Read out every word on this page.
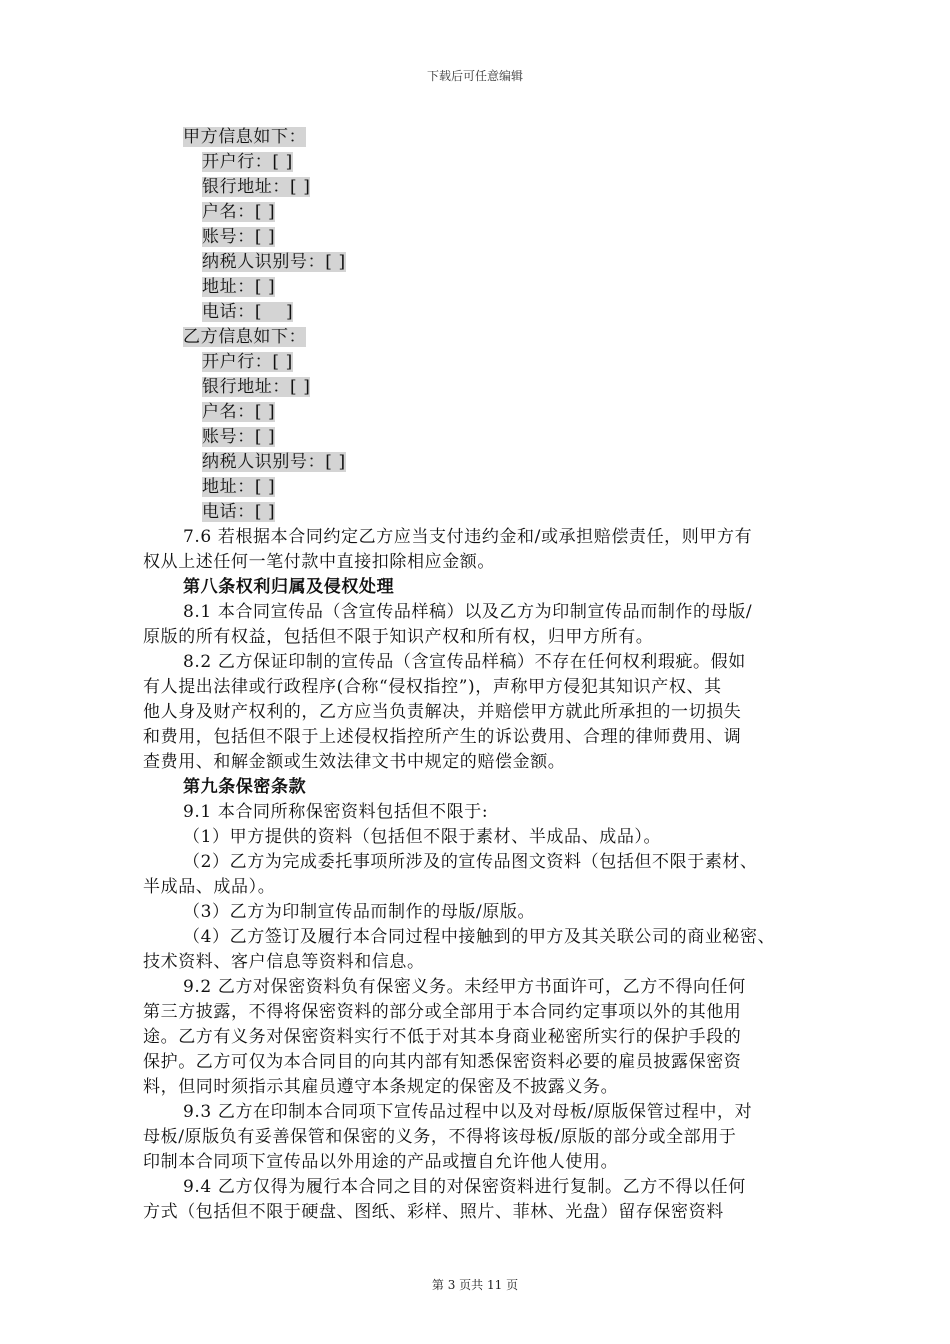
下载后可任意编辑
甲方信息如下：
开户行：[ ]
银行地址：[ ]
户名：[ ]
账号：[ ]
纳税人识别号：[ ]
地址：[ ]
电话：[    ]
乙方信息如下：
开户行：[ ]
银行地址：[ ]
户名：[ ]
账号：[ ]
纳税人识别号：[ ]
地址：[ ]
电话：[ ]
7.6 若根据本合同约定乙方应当支付违约金和/或承担赔偿责任，则甲方有
权从上述任何一笔付款中直接扣除相应金额。
第八条权利归属及侵权处理
8.1 本合同宣传品（含宣传品样稿）以及乙方为印制宣传品而制作的母版/
原版的所有权益，包括但不限于知识产权和所有权，归甲方所有。
8.2 乙方保证印制的宣传品（含宣传品样稿）不存在任何权利瑕疵。假如
有人提出法律或行政程序(合称“侵权指控”)，声称甲方侵犯其知识产权、其
他人身及财产权利的，乙方应当负责解决，并赔偿甲方就此所承担的一切损失
和费用，包括但不限于上述侵权指控所产生的诉讼费用、合理的律师费用、调
查费用、和解金额或生效法律文书中规定的赔偿金额。
第九条保密条款
9.1 本合同所称保密资料包括但不限于:
（1）甲方提供的资料（包括但不限于素材、半成品、成品）。
（2）乙方为完成委托事项所涉及的宣传品图文资料（包括但不限于素材、
半成品、成品）。
（3）乙方为印制宣传品而制作的母版/原版。
（4）乙方签订及履行本合同过程中接触到的甲方及其关联公司的商业秘密、
技术资料、客户信息等资料和信息。
9.2 乙方对保密资料负有保密义务。未经甲方书面许可，乙方不得向任何
第三方披露，不得将保密资料的部分或全部用于本合同约定事项以外的其他用
途。乙方有义务对保密资料实行不低于对其本身商业秘密所实行的保护手段的
保护。乙方可仅为本合同目的向其内部有知悉保密资料必要的雇员披露保密资
料，但同时须指示其雇员遵守本条规定的保密及不披露义务。
9.3 乙方在印制本合同项下宣传品过程中以及对母板/原版保管过程中，对
母板/原版负有妥善保管和保密的义务，不得将该母板/原版的部分或全部用于
印制本合同项下宣传品以外用途的产品或擅自允许他人使用。
9.4 乙方仅得为履行本合同之目的对保密资料进行复制。乙方不得以任何
方式（包括但不限于硬盘、图纸、彩样、照片、菲林、光盘）留存保密资料
第 3 页共 11 页
